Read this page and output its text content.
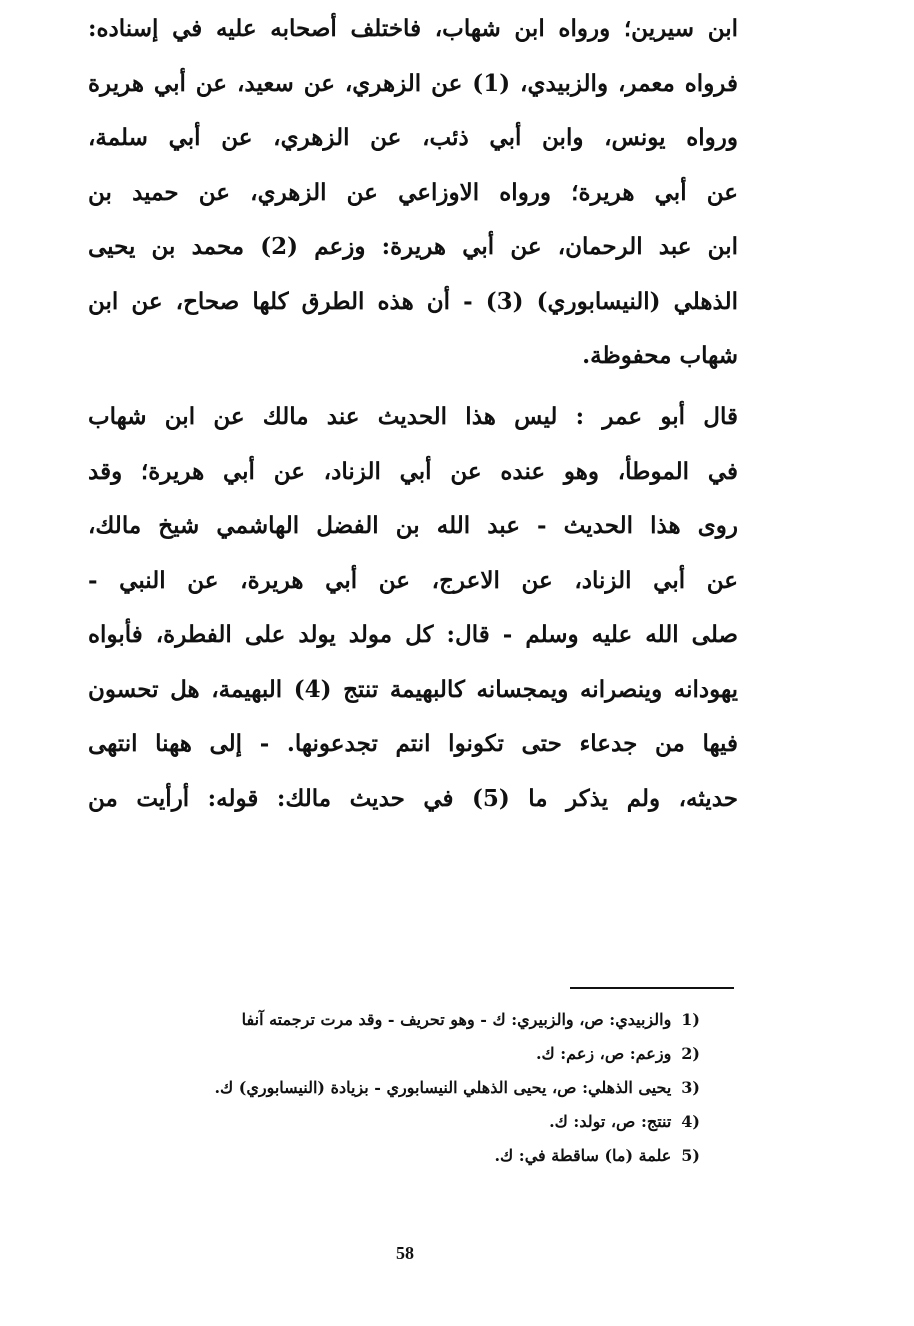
ابن سيرين؛ ورواه ابن شهاب، فاختلف أصحابه عليه في إسناده:

فرواه معمر، والزبيدي، (1) عن الزهري، عن سعيد، عن أبي هريرة

ورواه يونس، وابن أبي ذئب، عن الزهري، عن أبي سلمة،

عن أبي هريرة؛ ورواه الاوزاعي عن الزهري، عن حميد بن

ابن عبد الرحمان، عن أبي هريرة: وزعم (2) محمد بن يحيى

الذهلي (النيسابوري) (3) - أن هذه الطرق كلها صحاح، عن ابن

شهاب محفوظة.

قال أبو عمر : ليس هذا الحديث عند مالك عن ابن شهاب

في الموطأ، وهو عنده عن أبي الزناد، عن أبي هريرة؛ وقد

روى هذا الحديث - عبد الله بن الفضل الهاشمي شيخ مالك،

عن أبي الزناد، عن الاعرج، عن أبي هريرة، عن النبي -

صلى الله عليه وسلم - قال: كل مولد يولد على الفطرة، فأبواه

يهودانه وينصرانه ويمجسانه كالبهيمة تنتج (4) البهيمة، هل تحسون

فيها من جدعاء حتى تكونوا انتم تجدعونها. - إلى ههنا انتهى

حديثه، ولم يذكر ما (5) في حديث مالك: قوله: أرأيت من

1)
والزبيدي: ص، والزبيري: ك - وهو تحريف - وقد مرت ترجمته آنفا
2)
وزعم: ص، زعم: ك.
3)
يحيى الذهلي: ص، يحيى الذهلي النيسابوري - بزيادة (النيسابوري) ك.
4)
تنتج: ص، تولد: ك.
5)
علمة (ما) ساقطة في: ك.
58
